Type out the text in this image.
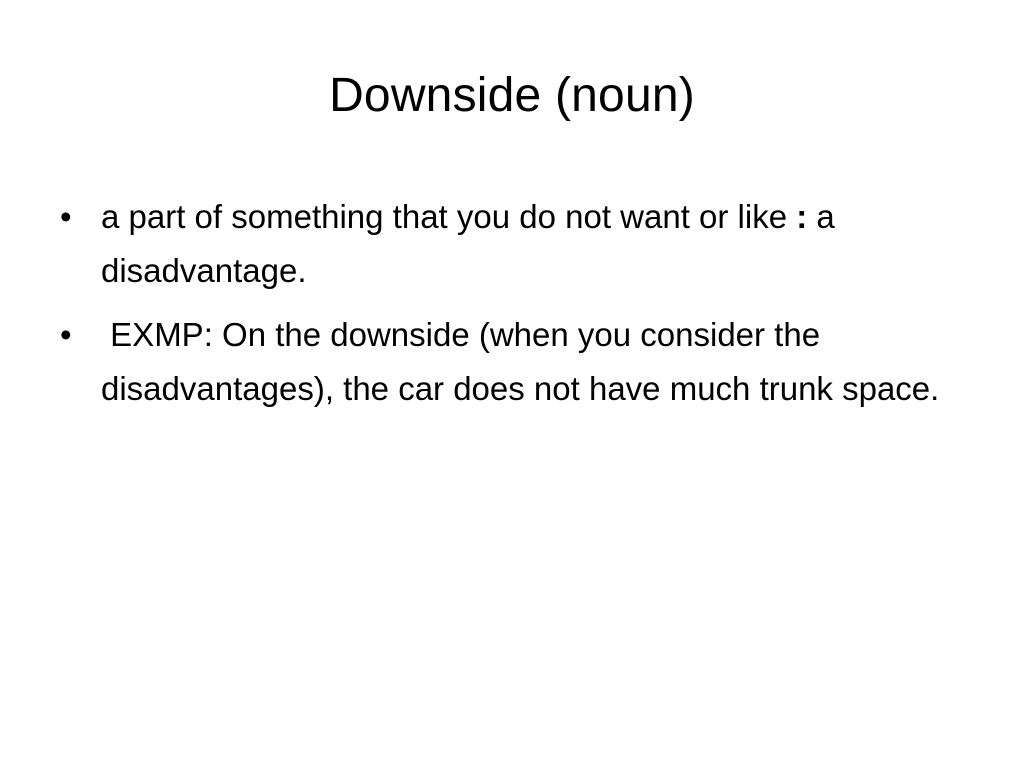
Downside (noun)
• a part of something that you do not want or like : a  disadvantage.
• EXMP: On the downside (when you consider the disadvantages), the car does not have much trunk space.
